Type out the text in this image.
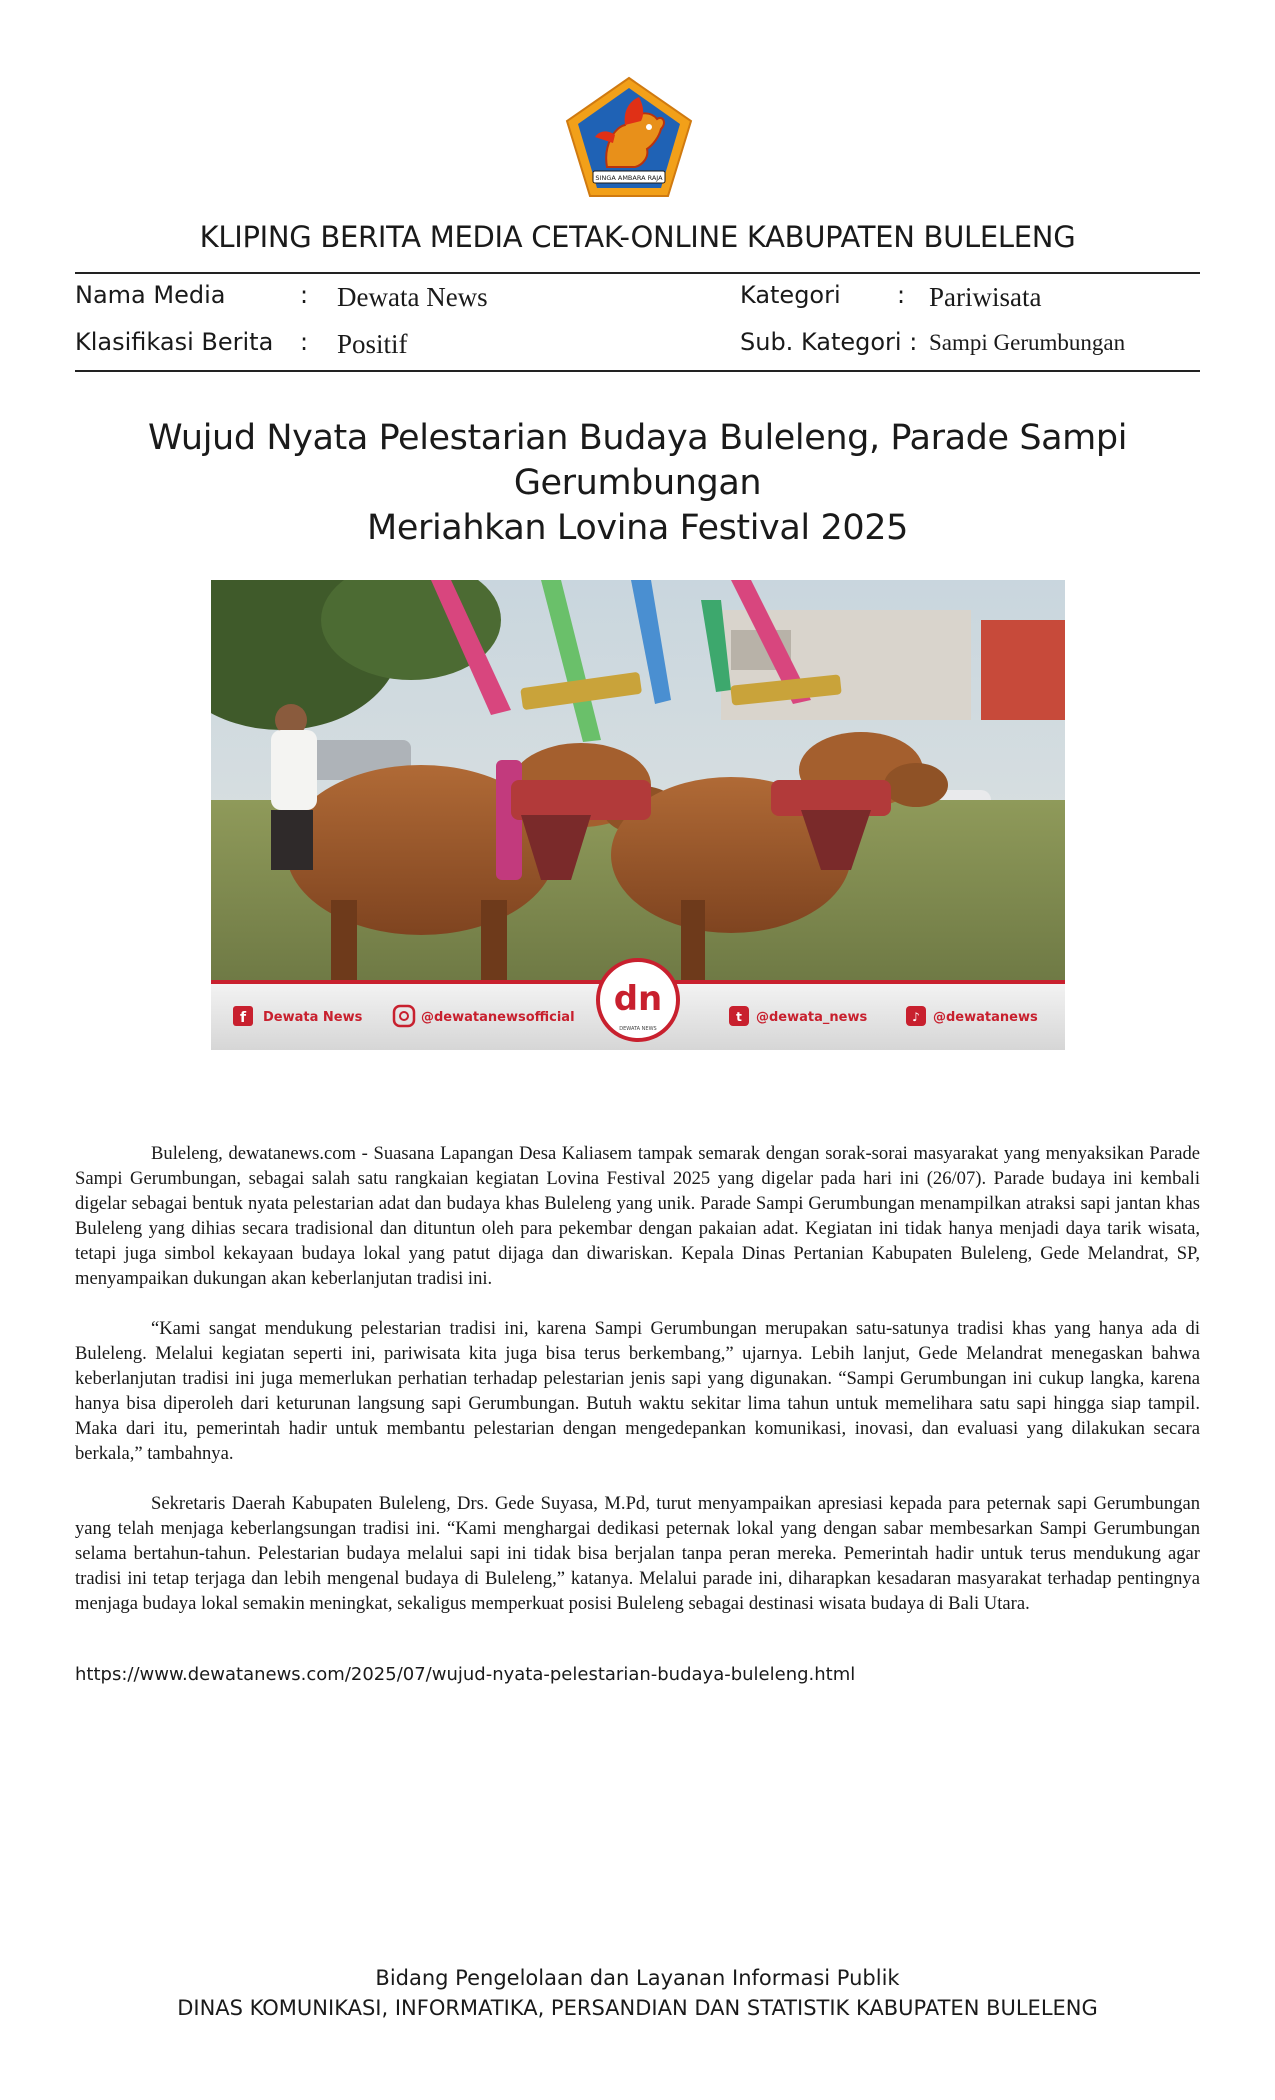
SINGA AMBARA RAJA
KLIPING BERITA MEDIA CETAK-ONLINE KABUPATEN BULELENG
Nama Media	: Dewata News	Kategori : Pariwisata
Klasifikasi Berita : Positif	Sub. Kategori : Sampi Gerumbungan
Wujud Nyata Pelestarian Budaya Buleleng, Parade Sampi Gerumbungan
Meriahkan Lovina Festival 2025
dn
DEWATA NEWS
f Dewata News	@dewatanewsofficial	t @dewata_news	♪ @dewatanews

Buleleng, dewatanews.com - Suasana Lapangan Desa Kaliasem tampak semarak dengan sorak-sorai masyarakat yang menyaksikan Parade Sampi Gerumbungan, sebagai salah satu rangkaian kegiatan Lovina Festival 2025 yang digelar pada hari ini (26/07). Parade budaya ini kembali digelar sebagai bentuk nyata pelestarian adat dan budaya khas Buleleng yang unik. Parade Sampi Gerumbungan menampilkan atraksi sapi jantan khas Buleleng yang dihias secara tradisional dan dituntun oleh para pekembar dengan pakaian adat. Kegiatan ini tidak hanya menjadi daya tarik wisata, tetapi juga simbol kekayaan budaya lokal yang patut dijaga dan diwariskan. Kepala Dinas Pertanian Kabupaten Buleleng, Gede Melandrat, SP, menyampaikan dukungan akan keberlanjutan tradisi ini.

“Kami sangat mendukung pelestarian tradisi ini, karena Sampi Gerumbungan merupakan satu-satunya tradisi khas yang hanya ada di Buleleng. Melalui kegiatan seperti ini, pariwisata kita juga bisa terus berkembang,” ujarnya. Lebih lanjut, Gede Melandrat menegaskan bahwa keberlanjutan tradisi ini juga memerlukan perhatian terhadap pelestarian jenis sapi yang digunakan. “Sampi Gerumbungan ini cukup langka, karena hanya bisa diperoleh dari keturunan langsung sapi Gerumbungan. Butuh waktu sekitar lima tahun untuk memelihara satu sapi hingga siap tampil. Maka dari itu, pemerintah hadir untuk membantu pelestarian dengan mengedepankan komunikasi, inovasi, dan evaluasi yang dilakukan secara berkala,” tambahnya.

Sekretaris Daerah Kabupaten Buleleng, Drs. Gede Suyasa, M.Pd, turut menyampaikan apresiasi kepada para peternak sapi Gerumbungan yang telah menjaga keberlangsungan tradisi ini. “Kami menghargai dedikasi peternak lokal yang dengan sabar membesarkan Sampi Gerumbungan selama bertahun-tahun. Pelestarian budaya melalui sapi ini tidak bisa berjalan tanpa peran mereka. Pemerintah hadir untuk terus mendukung agar tradisi ini tetap terjaga dan lebih mengenal budaya di Buleleng,” katanya. Melalui parade ini, diharapkan kesadaran masyarakat terhadap pentingnya menjaga budaya lokal semakin meningkat, sekaligus memperkuat posisi Buleleng sebagai destinasi wisata budaya di Bali Utara.

https://www.dewatanews.com/2025/07/wujud-nyata-pelestarian-budaya-buleleng.html
Bidang Pengelolaan dan Layanan Informasi Publik
DINAS KOMUNIKASI, INFORMATIKA, PERSANDIAN DAN STATISTIK KABUPATEN BULELENG
